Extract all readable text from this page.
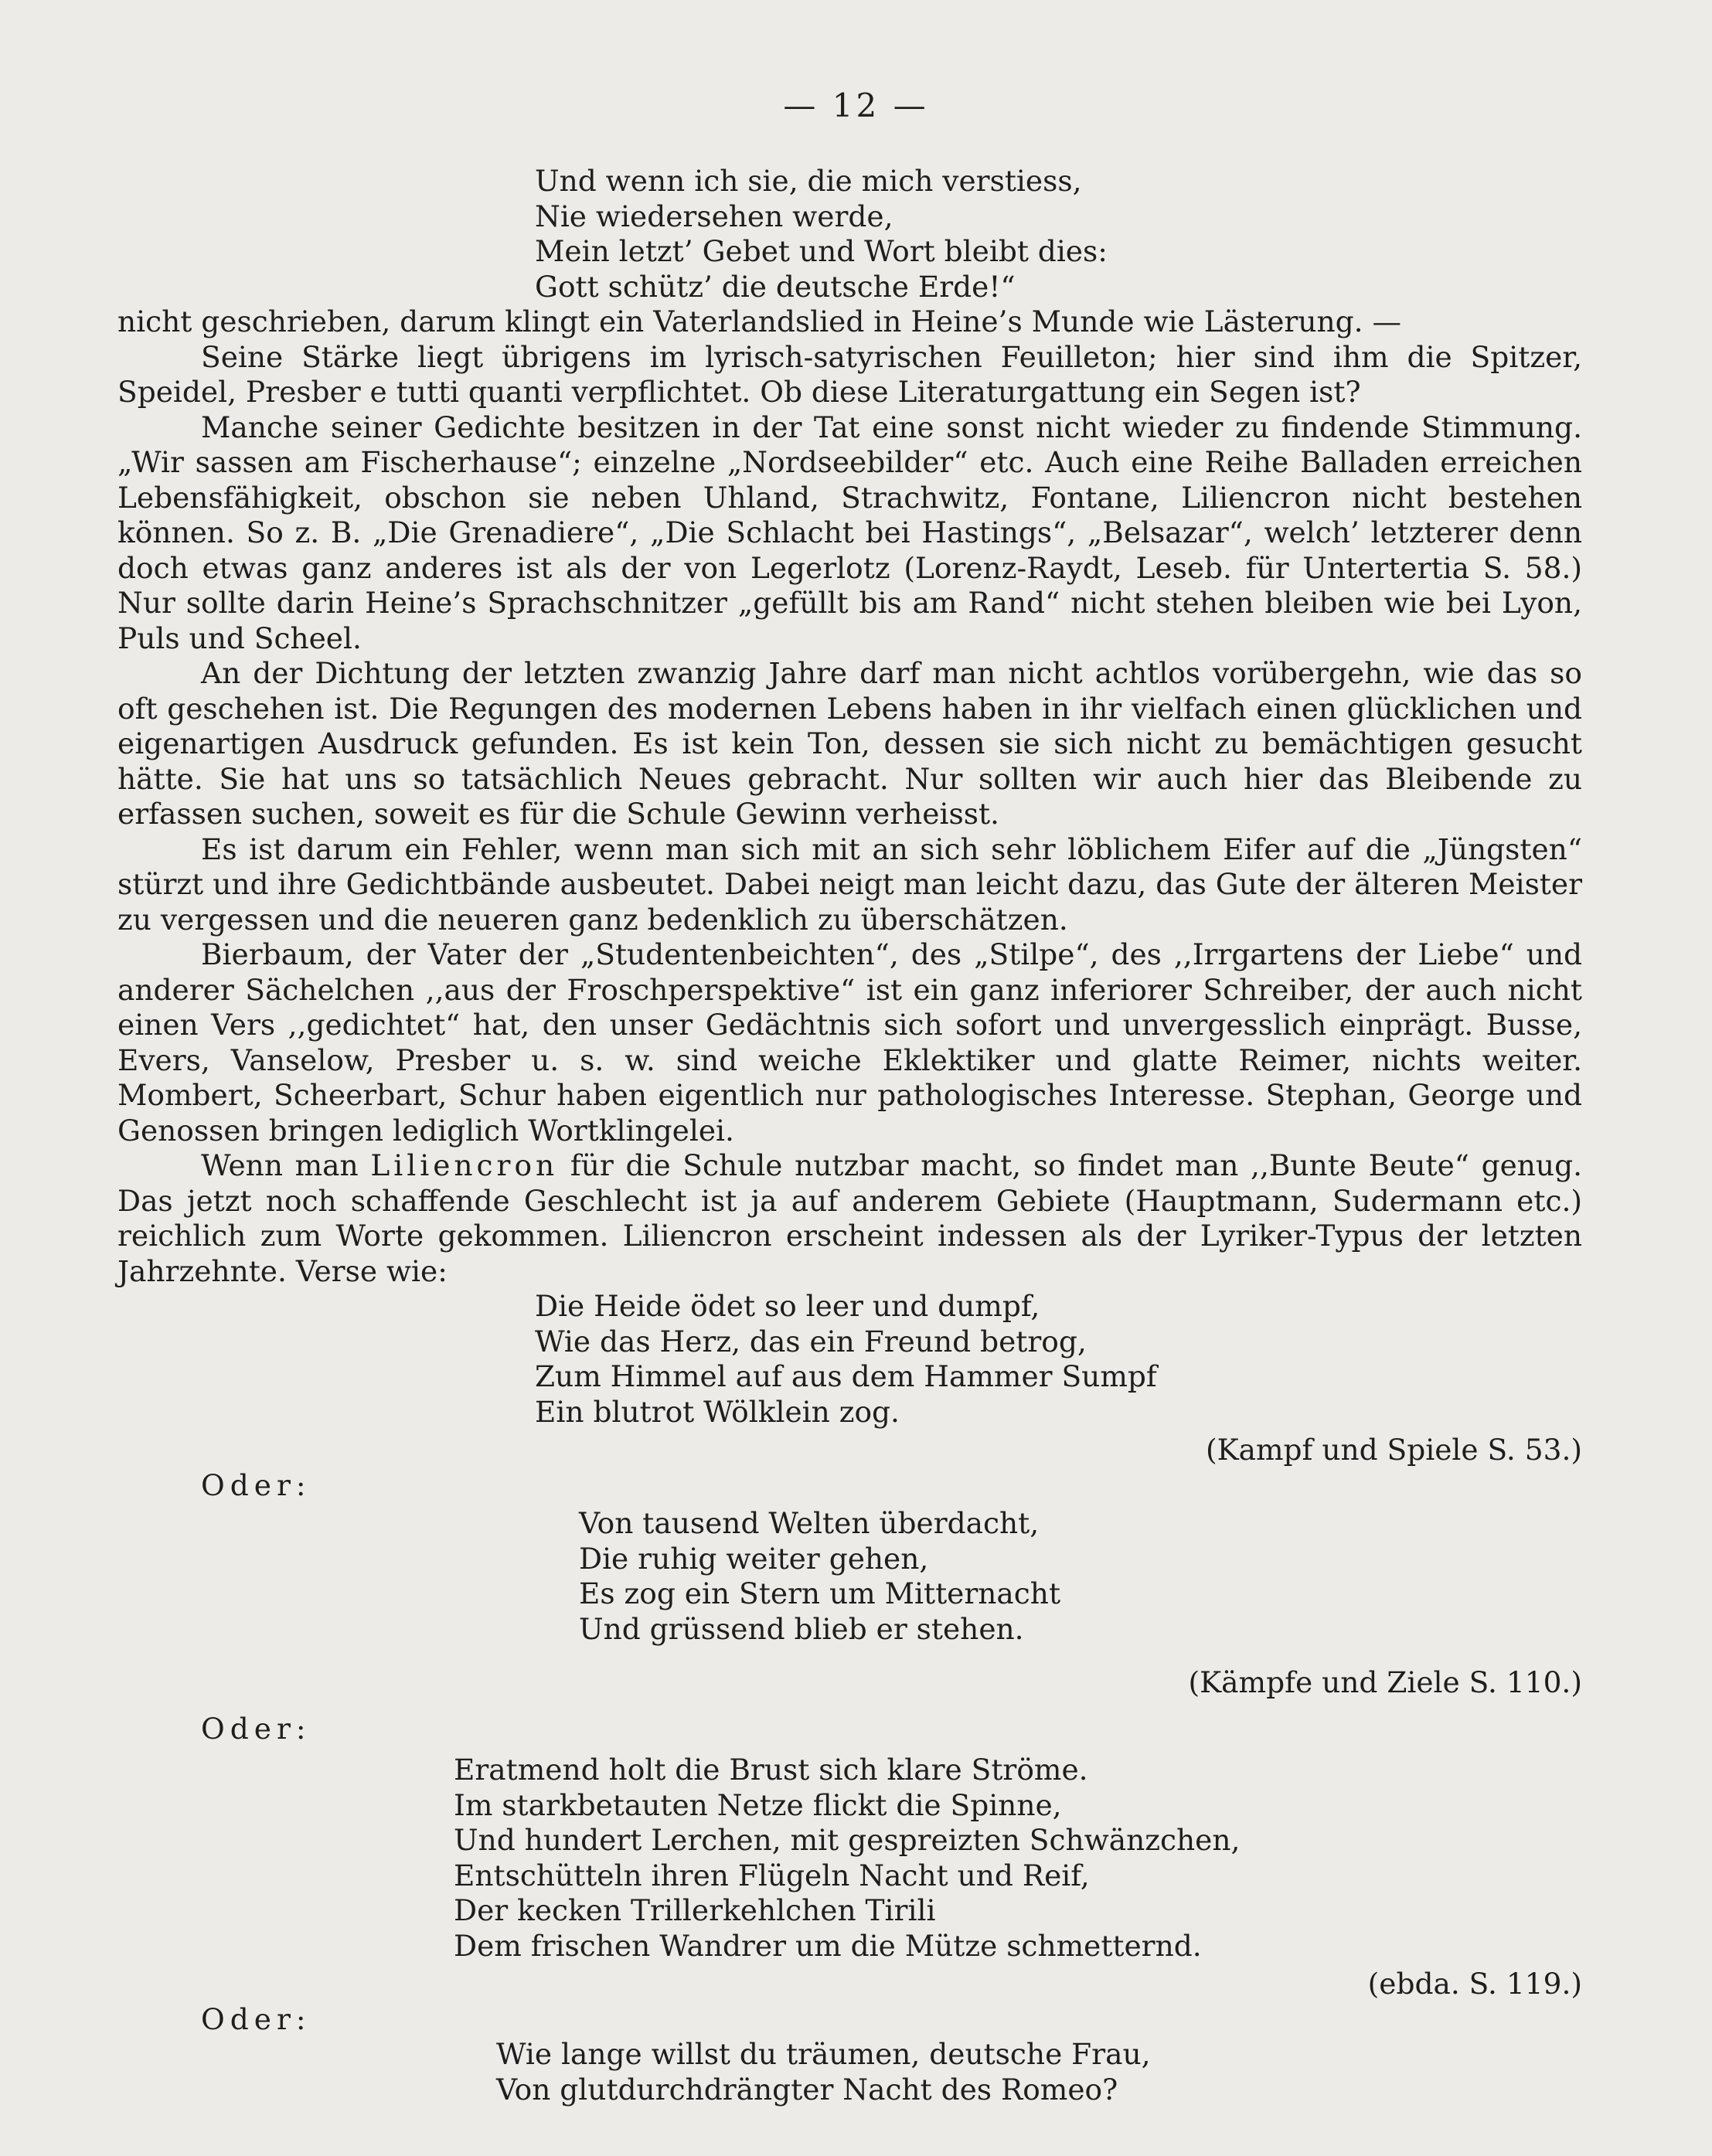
— 12 —
Und wenn ich sie, die mich verstiess,
Nie wiedersehen werde,
Mein letzt’ Gebet und Wort bleibt dies:
Gott schütz’ die deutsche Erde!“

nicht geschrieben, darum klingt ein Vaterlandslied in Heine’s Munde wie Lästerung. —

Seine Stärke liegt übrigens im lyrisch-satyrischen Feuilleton; hier sind ihm die Spitzer, Speidel, Presber e tutti quanti verpflichtet. Ob diese Literaturgattung ein Segen ist?

Manche seiner Gedichte besitzen in der Tat eine sonst nicht wieder zu findende Stimmung. „Wir sassen am Fischerhause“; einzelne „Nordseebilder“ etc. Auch eine Reihe Balladen erreichen Lebensfähigkeit, obschon sie neben Uhland, Strachwitz, Fontane, Liliencron nicht bestehen können. So z. B. „Die Grenadiere“, „Die Schlacht bei Hastings“, „Belsazar“, welch’ letzterer denn doch etwas ganz anderes ist als der von Legerlotz (Lorenz-Raydt, Leseb. für Untertertia S. 58.) Nur sollte darin Heine’s Sprachschnitzer „gefüllt bis am Rand“ nicht stehen bleiben wie bei Lyon, Puls und Scheel.

An der Dichtung der letzten zwanzig Jahre darf man nicht achtlos vorübergehn, wie das so oft geschehen ist. Die Regungen des modernen Lebens haben in ihr vielfach einen glücklichen und eigenartigen Ausdruck gefunden. Es ist kein Ton, dessen sie sich nicht zu bemächtigen gesucht hätte. Sie hat uns so tatsächlich Neues gebracht. Nur sollten wir auch hier das Bleibende zu erfassen suchen, soweit es für die Schule Gewinn verheisst.

Es ist darum ein Fehler, wenn man sich mit an sich sehr löblichem Eifer auf die „Jüngsten“ stürzt und ihre Gedichtbände ausbeutet. Dabei neigt man leicht dazu, das Gute der älteren Meister zu vergessen und die neueren ganz bedenklich zu überschätzen.

Bierbaum, der Vater der „Studentenbeichten“, des „Stilpe“, des ,,Irrgartens der Liebe“ und anderer Sächelchen ,,aus der Froschperspektive“ ist ein ganz inferiorer Schreiber, der auch nicht einen Vers ,,gedichtet“ hat, den unser Gedächtnis sich sofort und unvergesslich einprägt. Busse, Evers, Vanselow, Presber u. s. w. sind weiche Eklektiker und glatte Reimer, nichts weiter. Mombert, Scheerbart, Schur haben eigentlich nur pathologisches Interesse. Stephan, George und Genossen bringen lediglich Wortklingelei.

Wenn man Liliencron für die Schule nutzbar macht, so findet man ,,Bunte Beute“ genug. Das jetzt noch schaffende Geschlecht ist ja auf anderem Gebiete (Hauptmann, Sudermann etc.) reichlich zum Worte gekommen. Liliencron erscheint indessen als der Lyriker-Typus der letzten Jahrzehnte. Verse wie:

Die Heide ödet so leer und dumpf,
Wie das Herz, das ein Freund betrog,
Zum Himmel auf aus dem Hammer Sumpf
Ein blutrot Wölklein zog.
(Kampf und Spiele S. 53.)
Oder:
Von tausend Welten überdacht,
Die ruhig weiter gehen,
Es zog ein Stern um Mitternacht
Und grüssend blieb er stehen.
(Kämpfe und Ziele S. 110.)
Oder:
Eratmend holt die Brust sich klare Ströme.
Im starkbetauten Netze flickt die Spinne,
Und hundert Lerchen, mit gespreizten Schwänzchen,
Entschütteln ihren Flügeln Nacht und Reif,
Der kecken Trillerkehlchen Tirili
Dem frischen Wandrer um die Mütze schmetternd.
(ebda. S. 119.)
Oder:
Wie lange willst du träumen, deutsche Frau,
Von glutdurchdrängter Nacht des Romeo?
